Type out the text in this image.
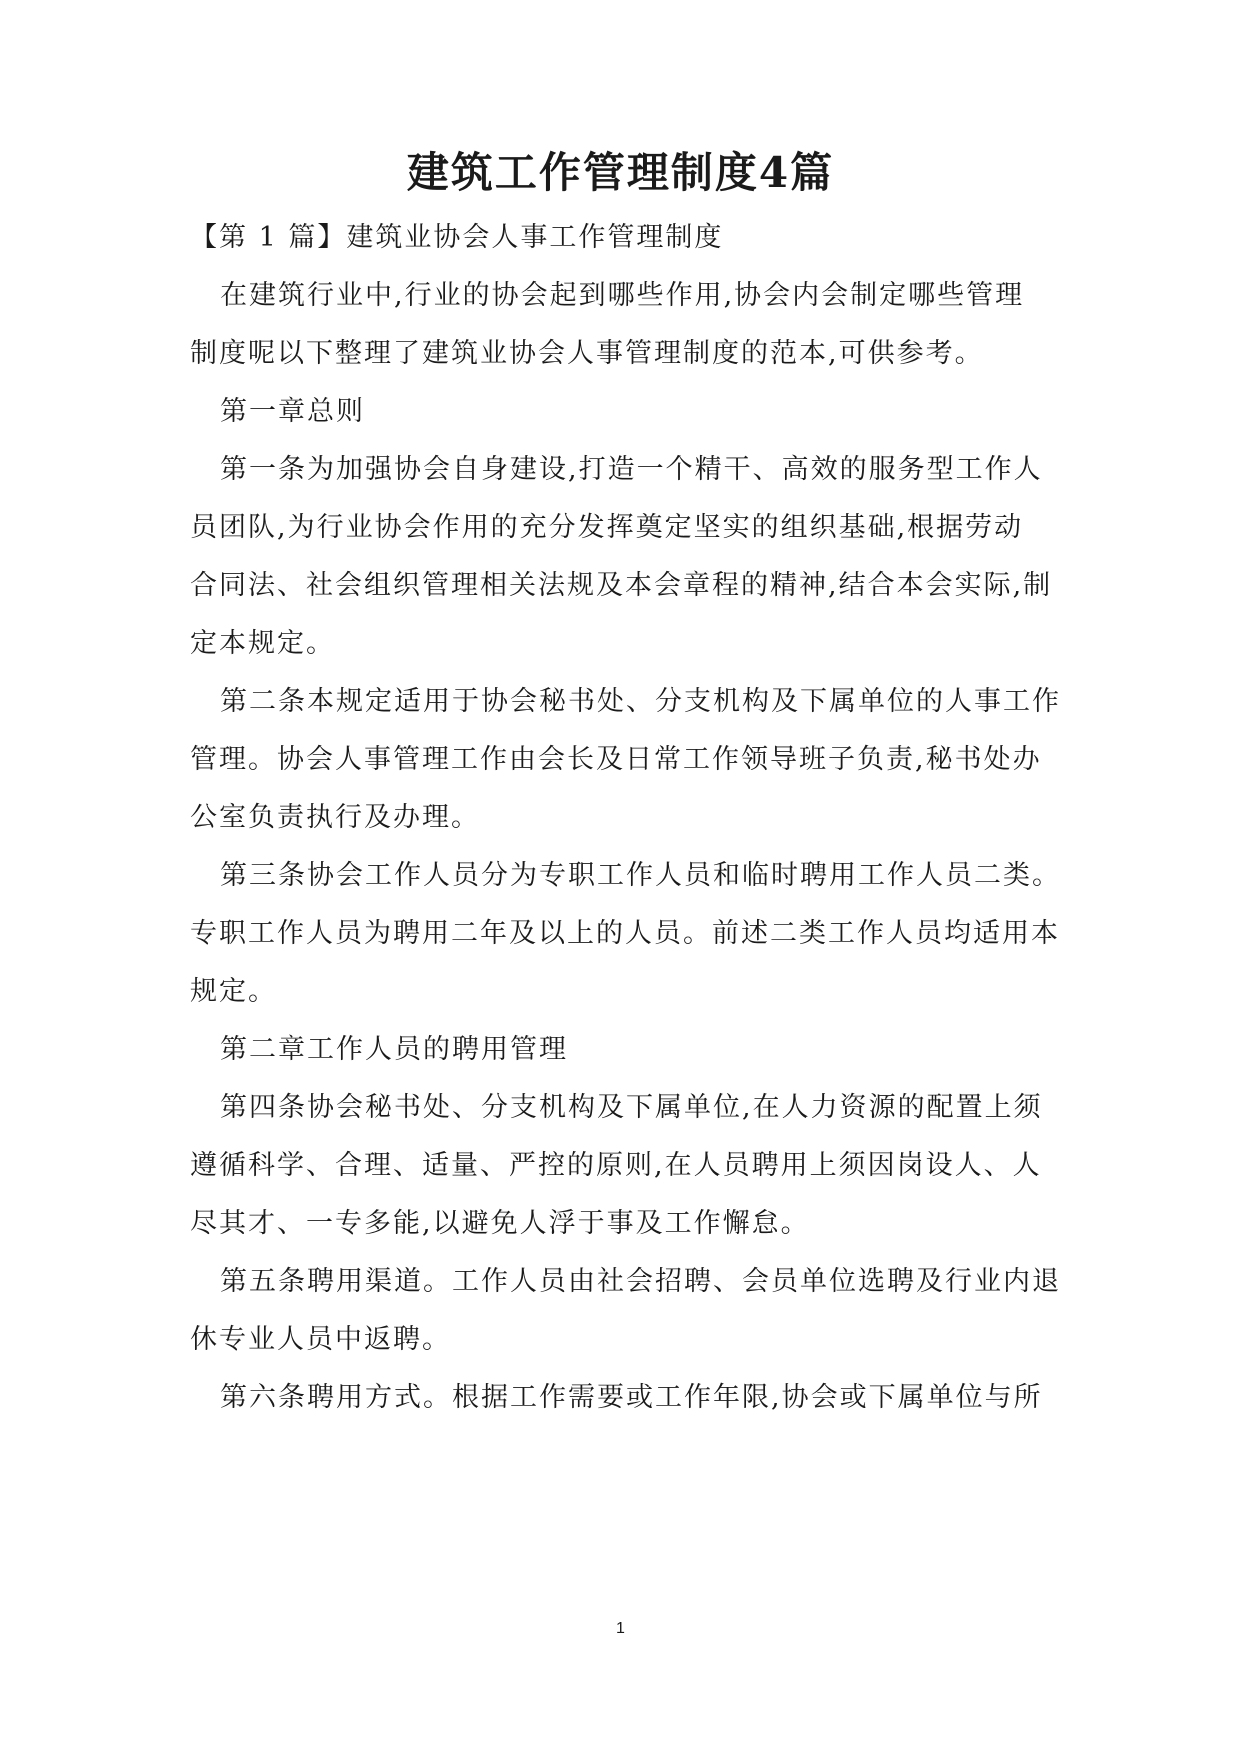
建筑工作管理制度4篇

【第 1 篇】建筑业协会人事工作管理制度

在建筑行业中,行业的协会起到哪些作用,协会内会制定哪些管理

制度呢以下整理了建筑业协会人事管理制度的范本,可供参考。

第一章总则

第一条为加强协会自身建设,打造一个精干、高效的服务型工作人

员团队,为行业协会作用的充分发挥奠定坚实的组织基础,根据劳动

合同法、社会组织管理相关法规及本会章程的精神,结合本会实际,制

定本规定。

第二条本规定适用于协会秘书处、分支机构及下属单位的人事工作

管理。协会人事管理工作由会长及日常工作领导班子负责,秘书处办

公室负责执行及办理。

第三条协会工作人员分为专职工作人员和临时聘用工作人员二类。

专职工作人员为聘用二年及以上的人员。前述二类工作人员均适用本

规定。

第二章工作人员的聘用管理

第四条协会秘书处、分支机构及下属单位,在人力资源的配置上须

遵循科学、合理、适量、严控的原则,在人员聘用上须因岗设人、人

尽其才、一专多能,以避免人浮于事及工作懈怠。

第五条聘用渠道。工作人员由社会招聘、会员单位选聘及行业内退

休专业人员中返聘。

第六条聘用方式。根据工作需要或工作年限,协会或下属单位与所

1
